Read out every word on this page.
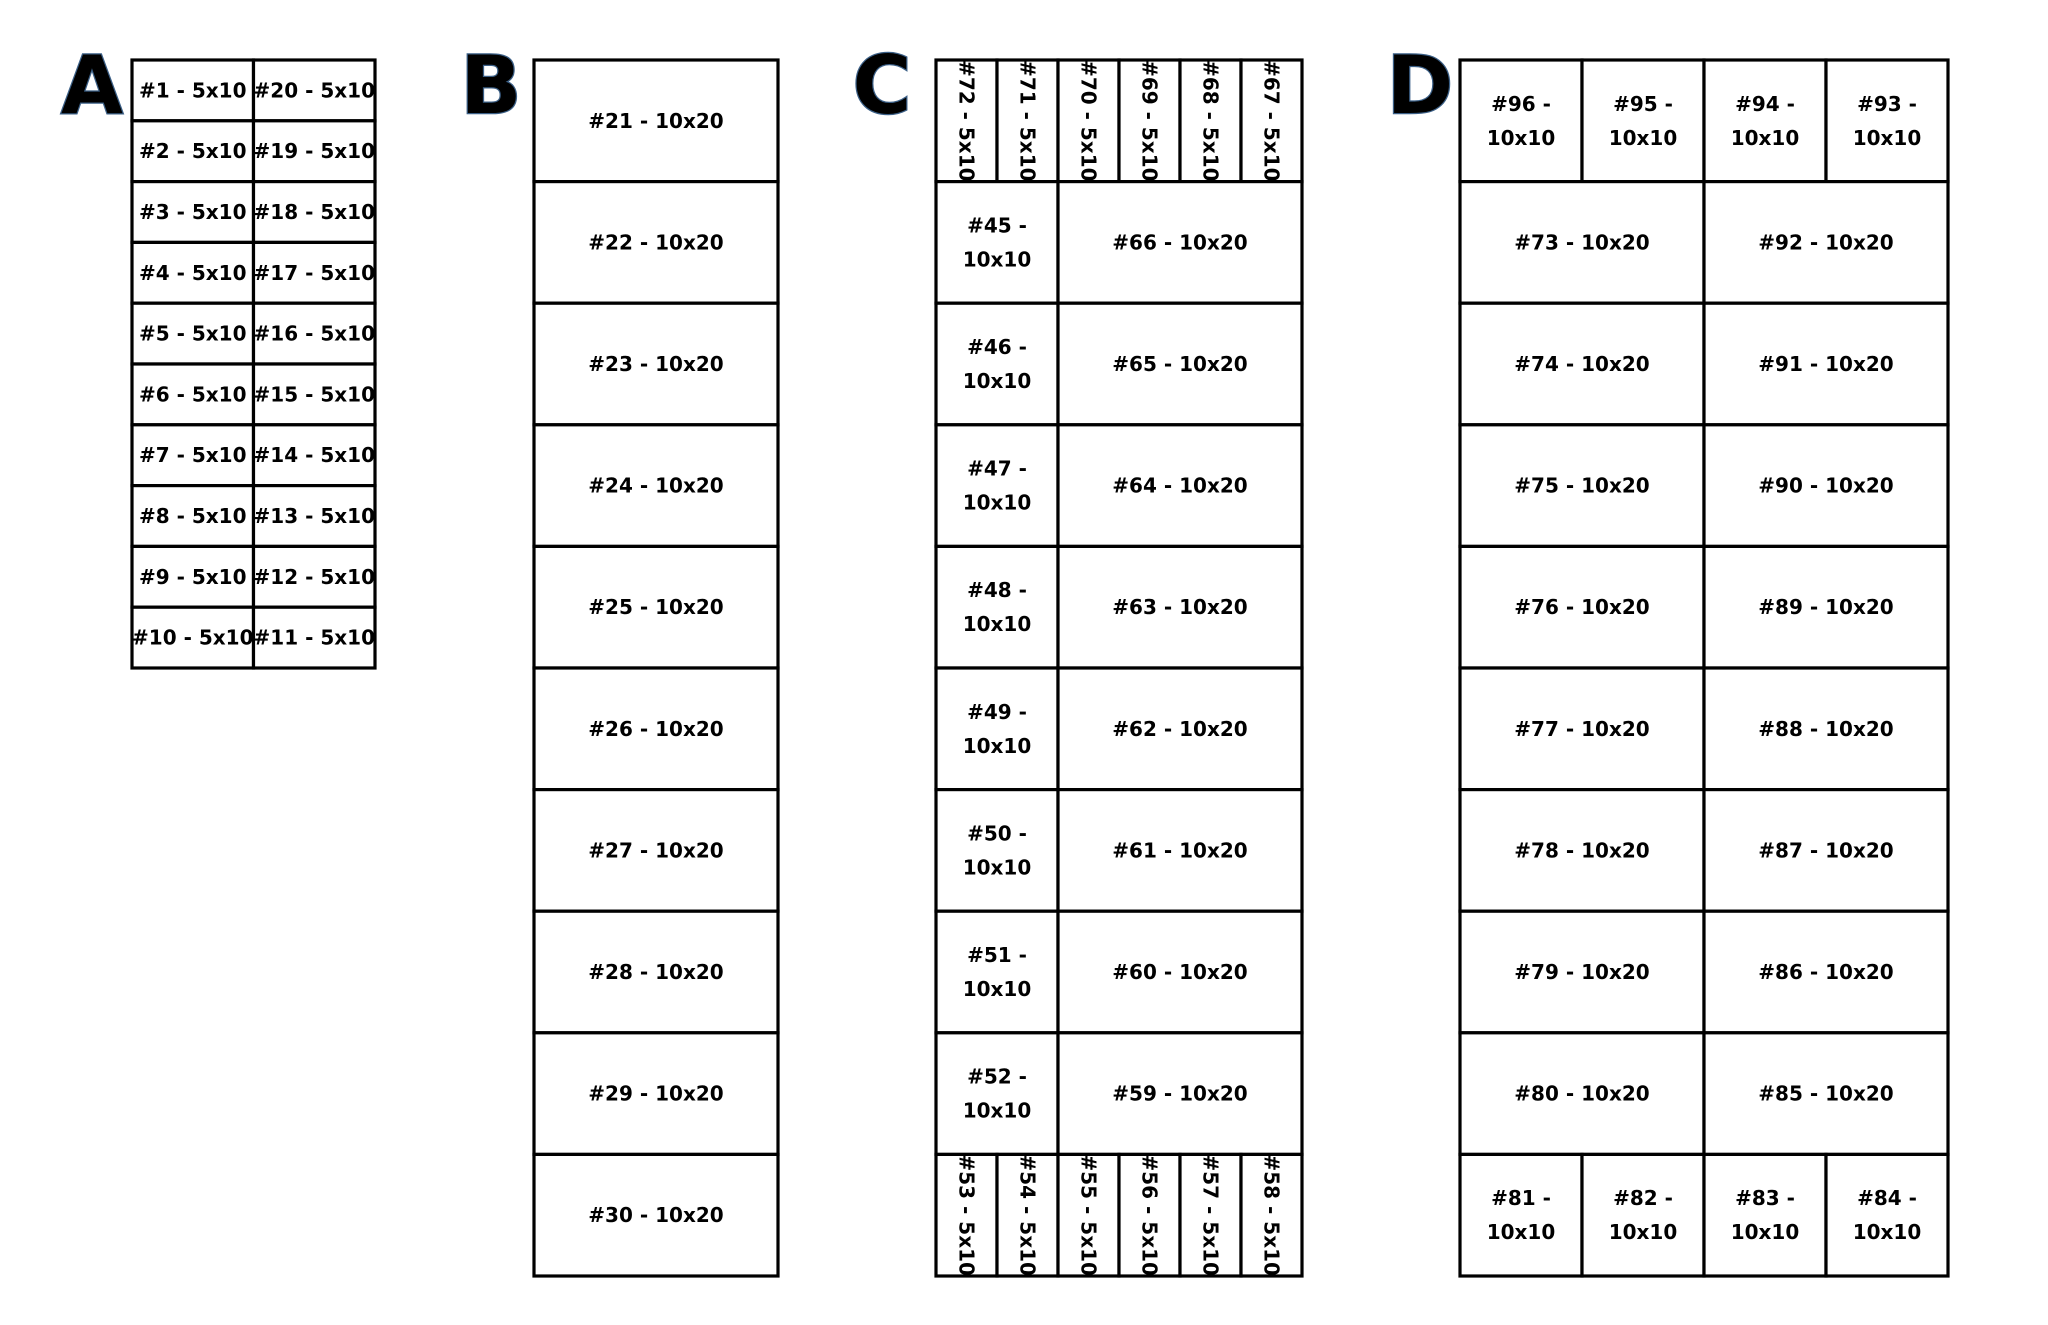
A #1 - 5x10 #20 - 5x10
#2 - 5x10 #19 - 5x10
#3 - 5x10 #18 - 5x10
#4 - 5x10 #17 - 5x10
#5 - 5x10 #16 - 5x10
#6 - 5x10 #15 - 5x10
#7 - 5x10 #14 - 5x10
#8 - 5x10 #13 - 5x10
#9 - 5x10 #12 - 5x10
#10 - 5x10 #11 - 5x10
B	#21 - 10x20
#22 - 10x20
#23 - 10x20
#24 - 10x20
#25 - 10x20
#26 - 10x20
#27 - 10x20
#28 - 10x20
#29 - 10x20
#30 - 10x20
C #72 - 5x10 #71 - 5x10 #70 - 5x10 #69 - 5x10 #68 - 5x10 #67 - 5x10
#45 -10x10
#46 -10x10
#47 -10x10
#48 -10x10
#49 -10x10
#50 -10x10
#51 -10x10
#52 -10x10
#66 - 10x20
#65 - 10x20
#64 - 10x20
#63 - 10x20
#62 - 10x20
#61 - 10x20
#60 - 10x20
#59 - 10x20
#53 - 5x10 #54 - 5x10 #55 - 5x10 #56 - 5x10 #57 - 5x10 #58 - 5x10
D #96 -10x10
#95 -10x10
#94 -10x10
#93 -10x10
#73 - 10x20
#74 - 10x20
#75 - 10x20
#76 - 10x20
#77 - 10x20
#78 - 10x20
#79 - 10x20
#80 - 10x20
#92 - 10x20
#91 - 10x20
#90 - 10x20
#89 - 10x20
#88 - 10x20
#87 - 10x20
#86 - 10x20
#85 - 10x20
#81 -10x10
#82 -10x10
#83 -10x10
#84 -10x10
